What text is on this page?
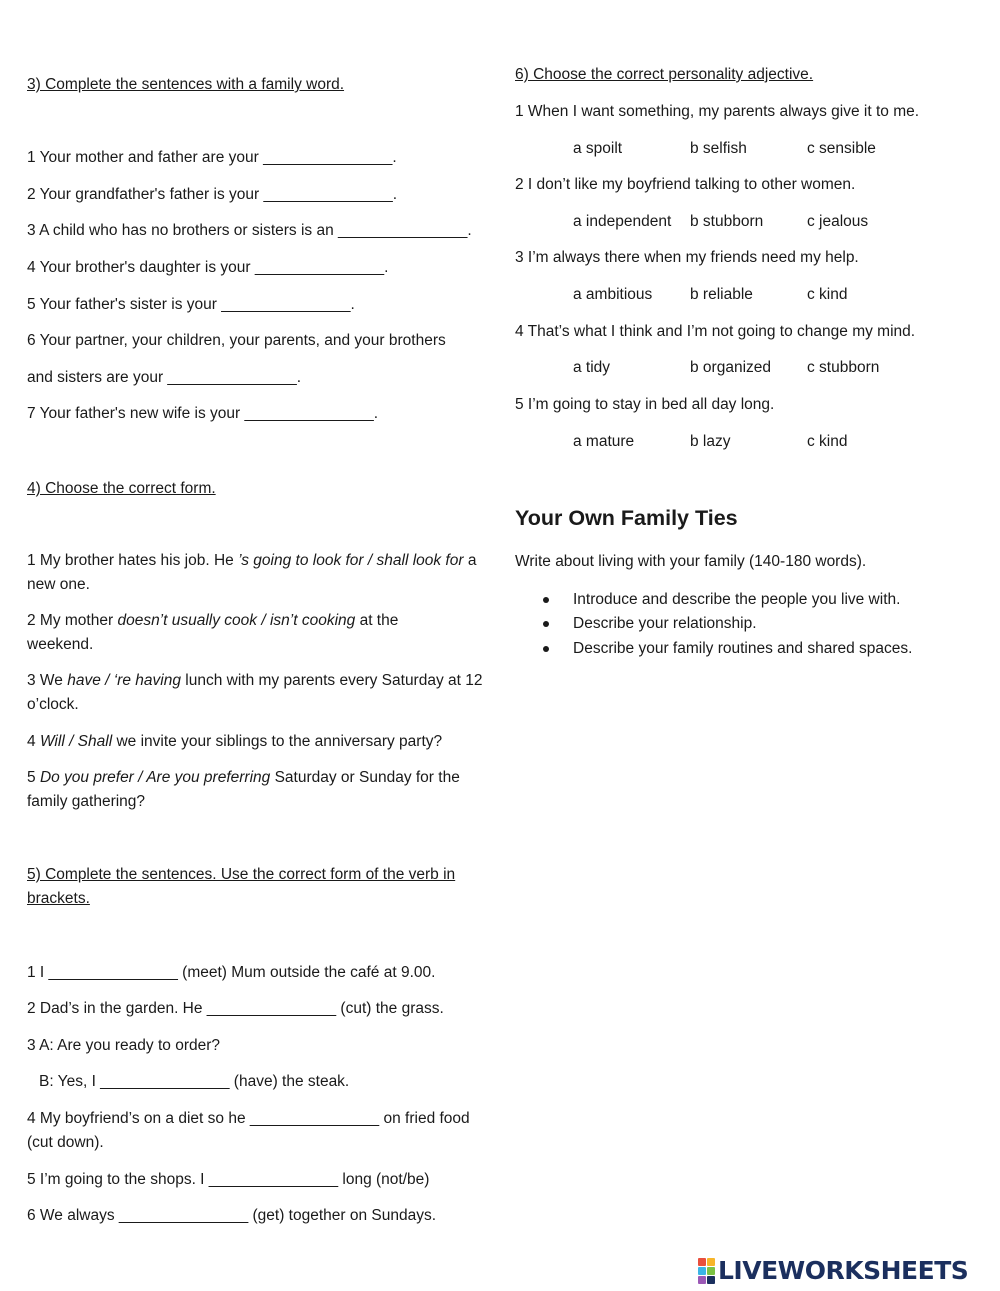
3) Complete the sentences with a family word.
1 Your mother and father are your _______________.
2 Your grandfather's father is your _______________.
3 A child who has no brothers or sisters is an _______________.
4 Your brother's daughter is your _______________.
5 Your father's sister is your _______________.
6 Your partner, your children, your parents, and your brothers
and sisters are your _______________.
7 Your father's new wife is your _______________.
4) Choose the correct form.
1 My brother hates his job. He ’s going to look for / shall look for a new one.
2 My mother doesn’t usually cook / isn’t cooking at the weekend.
3 We have / ‘re having lunch with my parents every Saturday at 12 o’clock.
4 Will / Shall we invite your siblings to the anniversary party?
5 Do you prefer / Are you preferring Saturday or Sunday for the family gathering?
5) Complete the sentences. Use the correct form of the verb in brackets.
1 I _______________ (meet) Mum outside the café at 9.00.
2 Dad’s in the garden. He _______________ (cut) the grass.
3 A: Are you ready to order?
B: Yes, I _______________ (have) the steak.
4 My boyfriend’s on a diet so he _______________ on fried food (cut down).
5 I’m going to the shops. I _______________ long (not/be)
6 We always _______________ (get) together on Sundays.
6) Choose the correct personality adjective.
1 When I want something, my parents always give it to me.
a spoilt	b selfish	c sensible
2 I don’t like my boyfriend talking to other women.
a independent b stubborn	c jealous
3 I’m always there when my friends need my help.
a ambitious b reliable	c kind
4 That’s what I think and I’m not going to change my mind.
a tidy	b organized c stubborn
5 I’m going to stay in bed all day long.
a mature	b lazy	c kind
Your Own Family Ties
Write about living with your family (140-180 words).
Introduce and describe the people you live with.
Describe your relationship.
Describe your family routines and shared spaces.
LIVEWORKSHEETS
